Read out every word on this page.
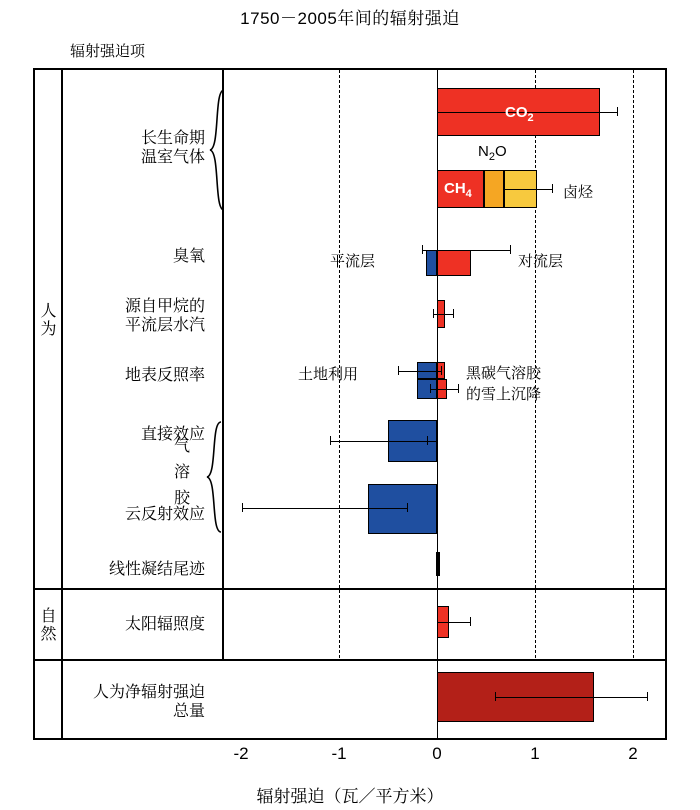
1750－2005年间的辐射强迫
辐射强迫项
人为
自然
$CO_2$
$N_2O$
$CH_4$	卤烃
长生命期
温室气体
臭氧	平流层	对流层
源自甲烷的
平流层水汽
地表反照率	土地利用	黑碳气溶胶
的雪上沉降
直接效应
云反射效应
气
溶
胶
线性凝结尾迹
太阳辐照度
人为净辐射强迫
总量
-2	-1	0	1	2
辐射强迫（瓦／平方米）
